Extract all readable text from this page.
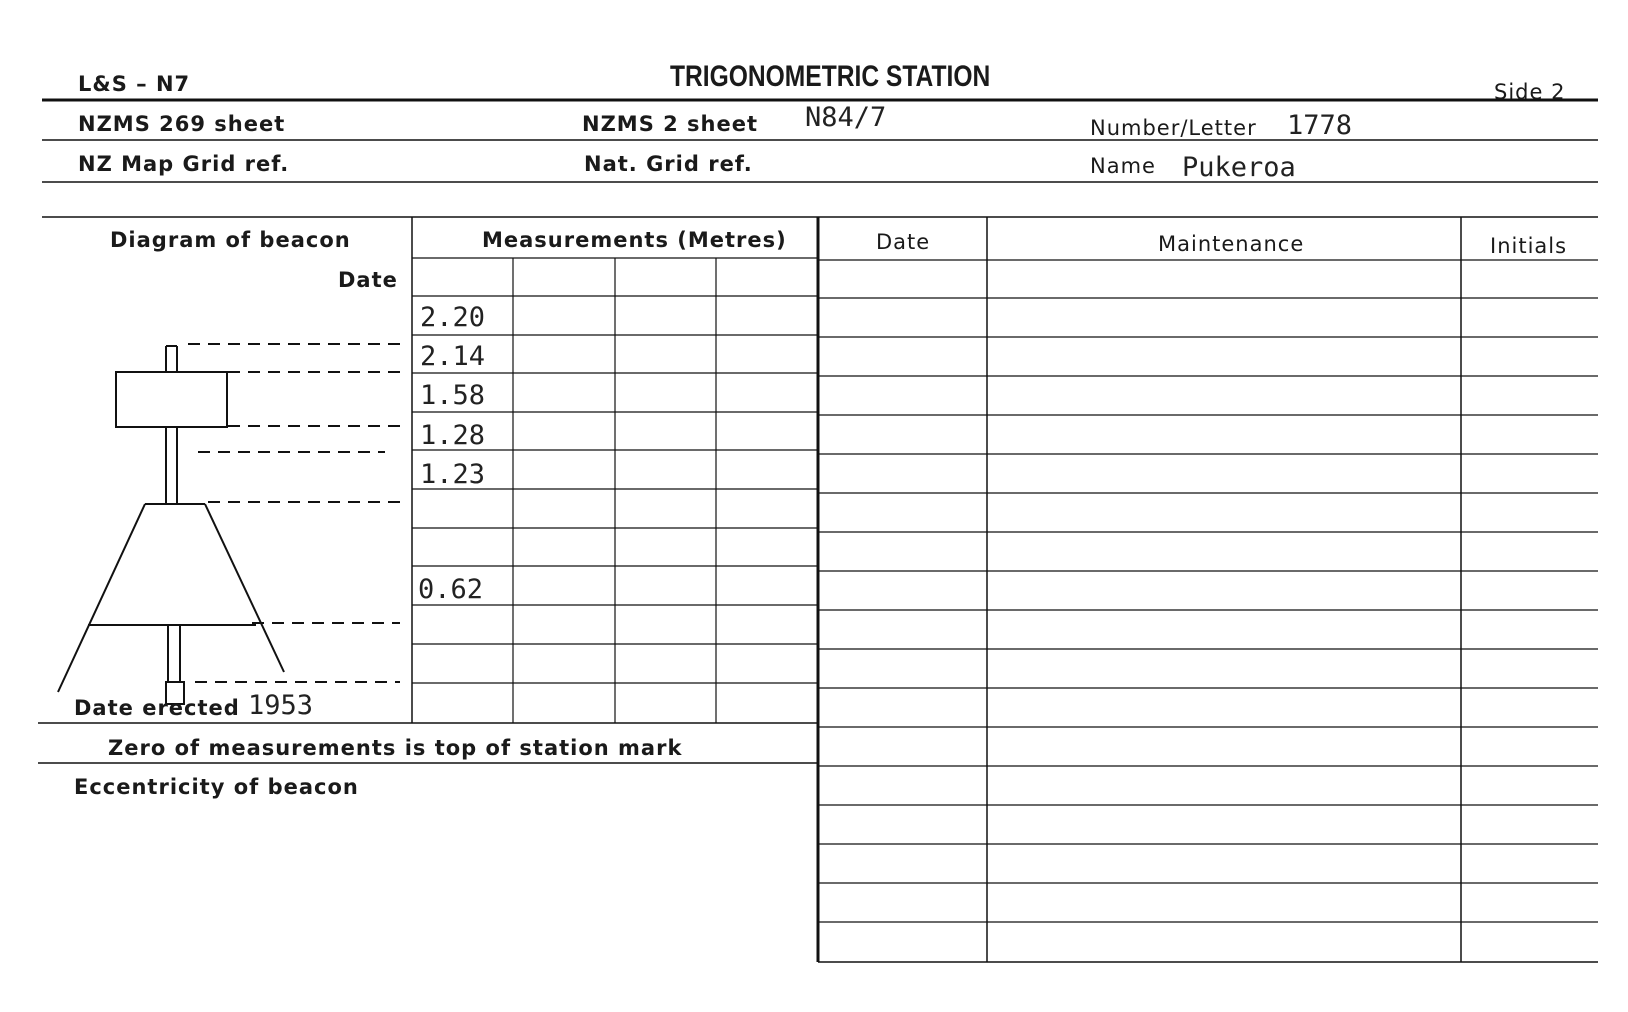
L&S – N7	TRIGONOMETRIC STATION	Side 2
NZMS 269 sheet	NZMS 2 sheet N84/7	Number/Letter 1778
NZ Map Grid ref.	Nat. Grid ref.	Name Pukeroa
Diagram of beacon
Date
Date erected 1953
Measurements (Metres)
2.20
2.14
1.58
1.28
1.23
0.62
Zero of measurements is top of station mark
Eccentricity of beacon
Date	Maintenance	Initials
